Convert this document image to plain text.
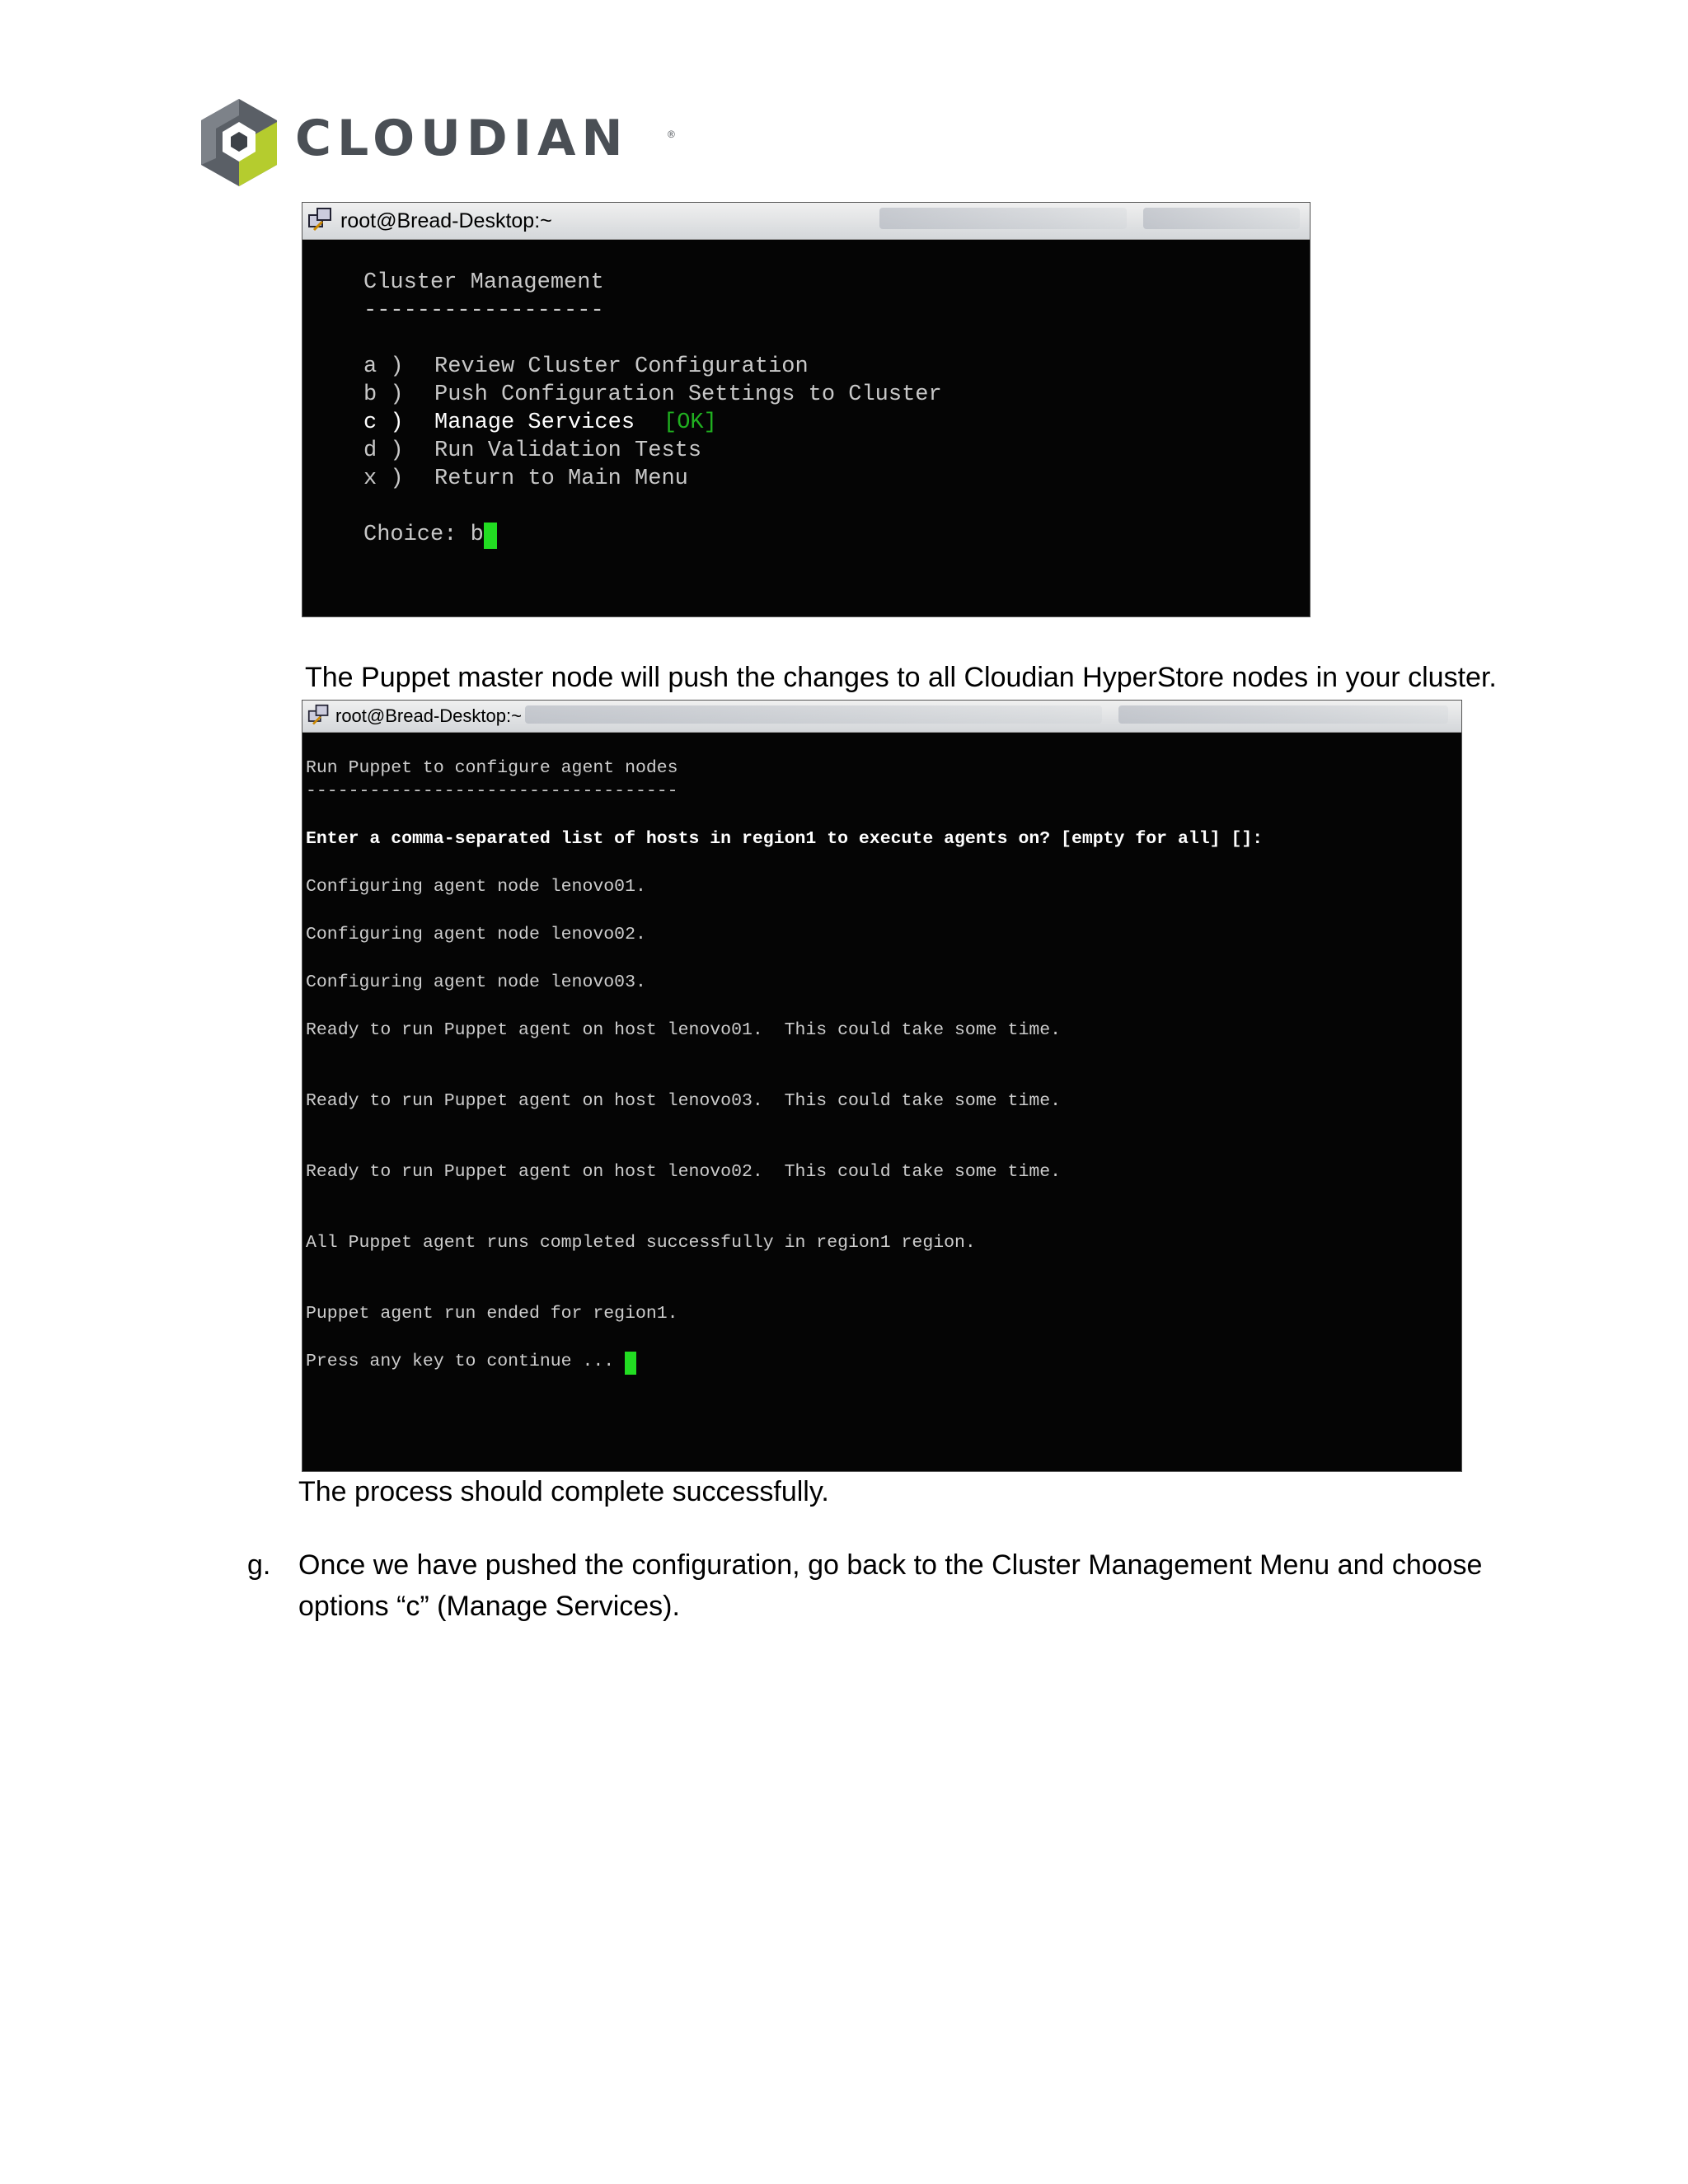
CLOUDIAN	®
root@Bread-Desktop:~
Cluster Management
------------------
a ) Review Cluster Configuration
b ) Push Configuration Settings to Cluster
c ) Manage Services [OK]
d ) Run Validation Tests
x ) Return to Main Menu
Choice: b
The Puppet master node will push the changes to all Cloudian HyperStore nodes in your cluster.
root@Bread-Desktop:~
Run Puppet to configure agent nodes
-----------------------------------
Enter a comma-separated list of hosts in region1 to execute agents on? [empty for all] []:
Configuring agent node lenovo01.
Configuring agent node lenovo02.
Configuring agent node lenovo03.
Ready to run Puppet agent on host lenovo01.  This could take some time.
Ready to run Puppet agent on host lenovo03.  This could take some time.
Ready to run Puppet agent on host lenovo02.  This could take some time.
All Puppet agent runs completed successfully in region1 region.
Puppet agent run ended for region1.
Press any key to continue ...
The process should complete successfully.
g. Once we have pushed the configuration, go back to the Cluster Management Menu and choose
options “c” (Manage Services).
